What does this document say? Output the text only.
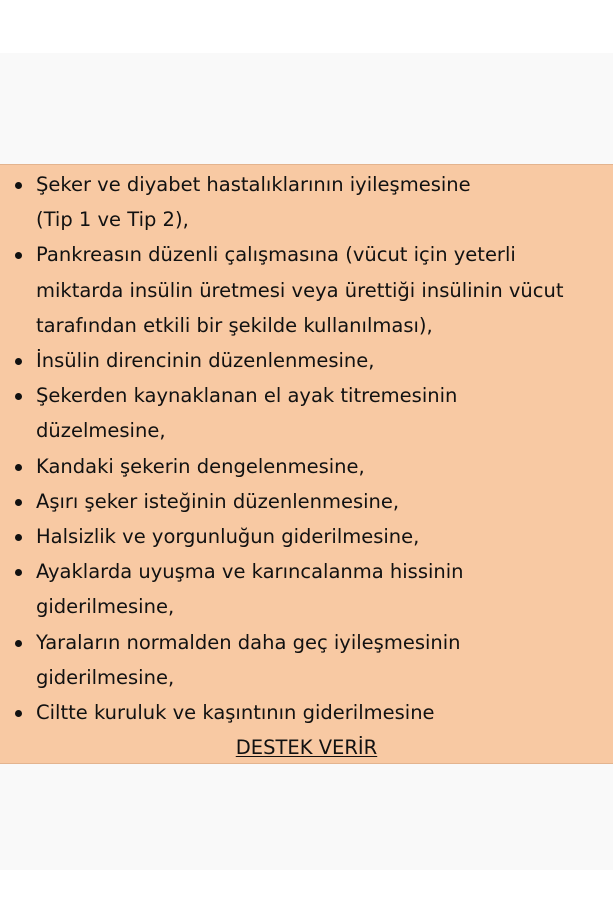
Şeker ve diyabet hastalıklarının iyileşmesine
(Tip 1 ve Tip 2),
Pankreasın düzenli çalışmasına (vücut için yeterli
miktarda insülin üretmesi veya ürettiği insülinin vücut
tarafından etkili bir şekilde kullanılması),
İnsülin direncinin düzenlenmesine,
Şekerden kaynaklanan el ayak titremesinin
düzelmesine,
Kandaki şekerin dengelenmesine,
Aşırı şeker isteğinin düzenlenmesine,
Halsizlik ve yorgunluğun giderilmesine,
Ayaklarda uyuşma ve karıncalanma hissinin
giderilmesine,
Yaraların normalden daha geç iyileşmesinin
giderilmesine,
Ciltte kuruluk ve kaşıntının giderilmesine
DESTEK VERİR
